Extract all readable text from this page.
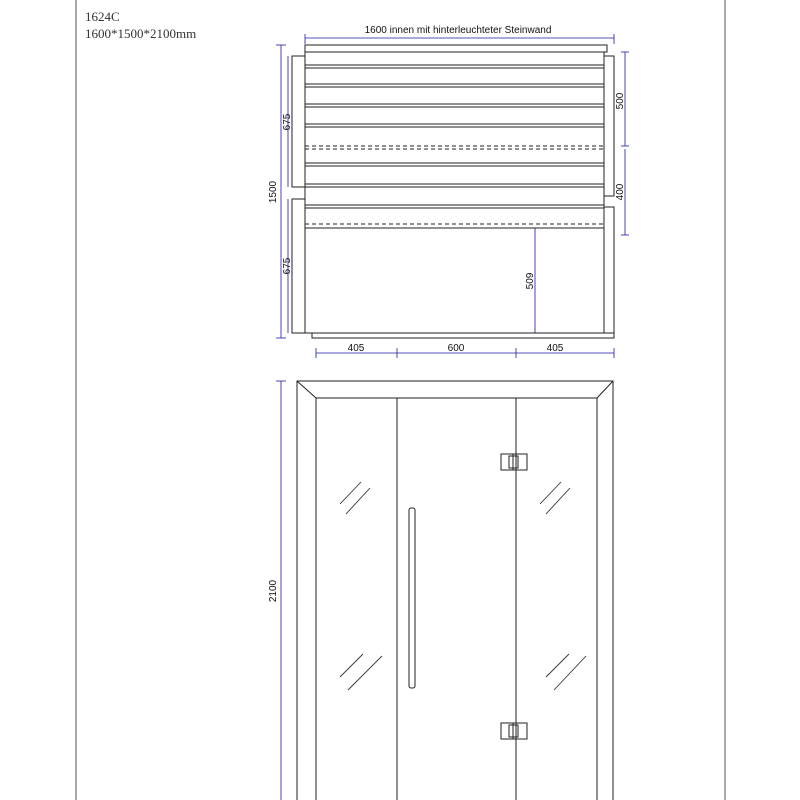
1624C
1600*1500*2100mm	1600 innen mit hinterleuchteter Steinwand
1500
675
675
500
400
509
405	600	405
2100
